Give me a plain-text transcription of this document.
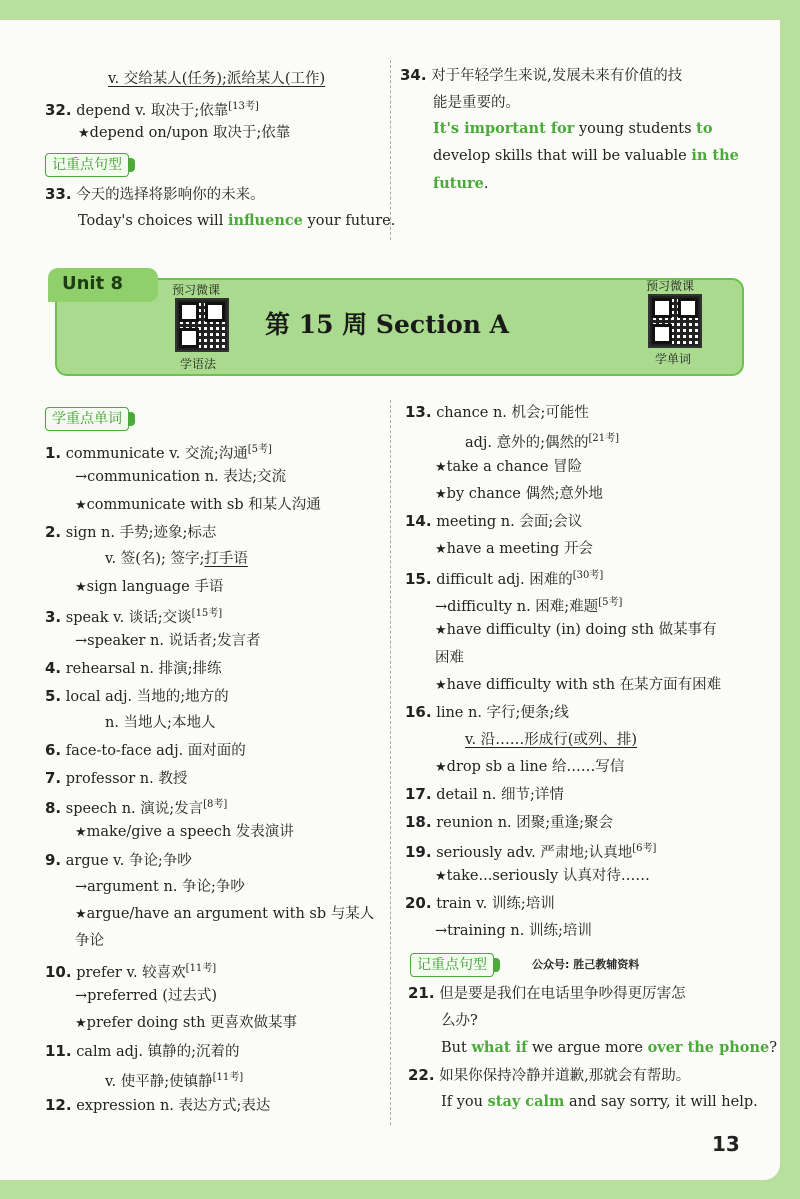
v. 交给某人(任务);派给某人(工作)
32. depend v. 取决于;依靠[13考]
★depend on/upon 取决于;依靠
记重点句型
33. 今天的选择将影响你的未来。
Today's choices will influence your future.
34. 对于年轻学生来说,发展未来有价值的技
能是重要的。
It's important for young students to
develop skills that will be valuable in the
future.
Unit 8	预习微课
学语法
第 15 周 Section A
预习微课
学单词
学重点单词
1. communicate v. 交流;沟通[5考]
→communication n. 表达;交流
★communicate with sb 和某人沟通
2. sign n. 手势;迹象;标志
v. 签(名); 签字;打手语
★sign language 手语
3. speak v. 谈话;交谈[15考]
→speaker n. 说话者;发言者
4. rehearsal n. 排演;排练
5. local adj. 当地的;地方的
n. 当地人;本地人
6. face-to-face adj. 面对面的
7. professor n. 教授
8. speech n. 演说;发言[8考]
★make/give a speech 发表演讲
9. argue v. 争论;争吵
→argument n. 争论;争吵
★argue/have an argument with sb 与某人
争论
10. prefer v. 较喜欢[11考]
→preferred (过去式)
★prefer doing sth 更喜欢做某事
11. calm adj. 镇静的;沉着的
v. 使平静;使镇静[11考]
12. expression n. 表达方式;表达
13. chance n. 机会;可能性
adj. 意外的;偶然的[21考]
★take a chance 冒险
★by chance 偶然;意外地
14. meeting n. 会面;会议
★have a meeting 开会
15. difficult adj. 困难的[30考]
→difficulty n. 困难;难题[5考]
★have difficulty (in) doing sth 做某事有
困难
★have difficulty with sth 在某方面有困难
16. line n. 字行;便条;线
v. 沿……形成行(或列、排)
★drop sb a line 给……写信
17. detail n. 细节;详情
18. reunion n. 团聚;重逢;聚会
19. seriously adv. 严肃地;认真地[6考]
★take...seriously 认真对待……
20. train v. 训练;培训
→training n. 训练;培训
记重点句型	公众号: 胜己教辅资料
21. 但是要是我们在电话里争吵得更厉害怎
么办?
But what if we argue more over the phone?
22. 如果你保持冷静并道歉,那就会有帮助。
If you stay calm and say sorry, it will help.
13
